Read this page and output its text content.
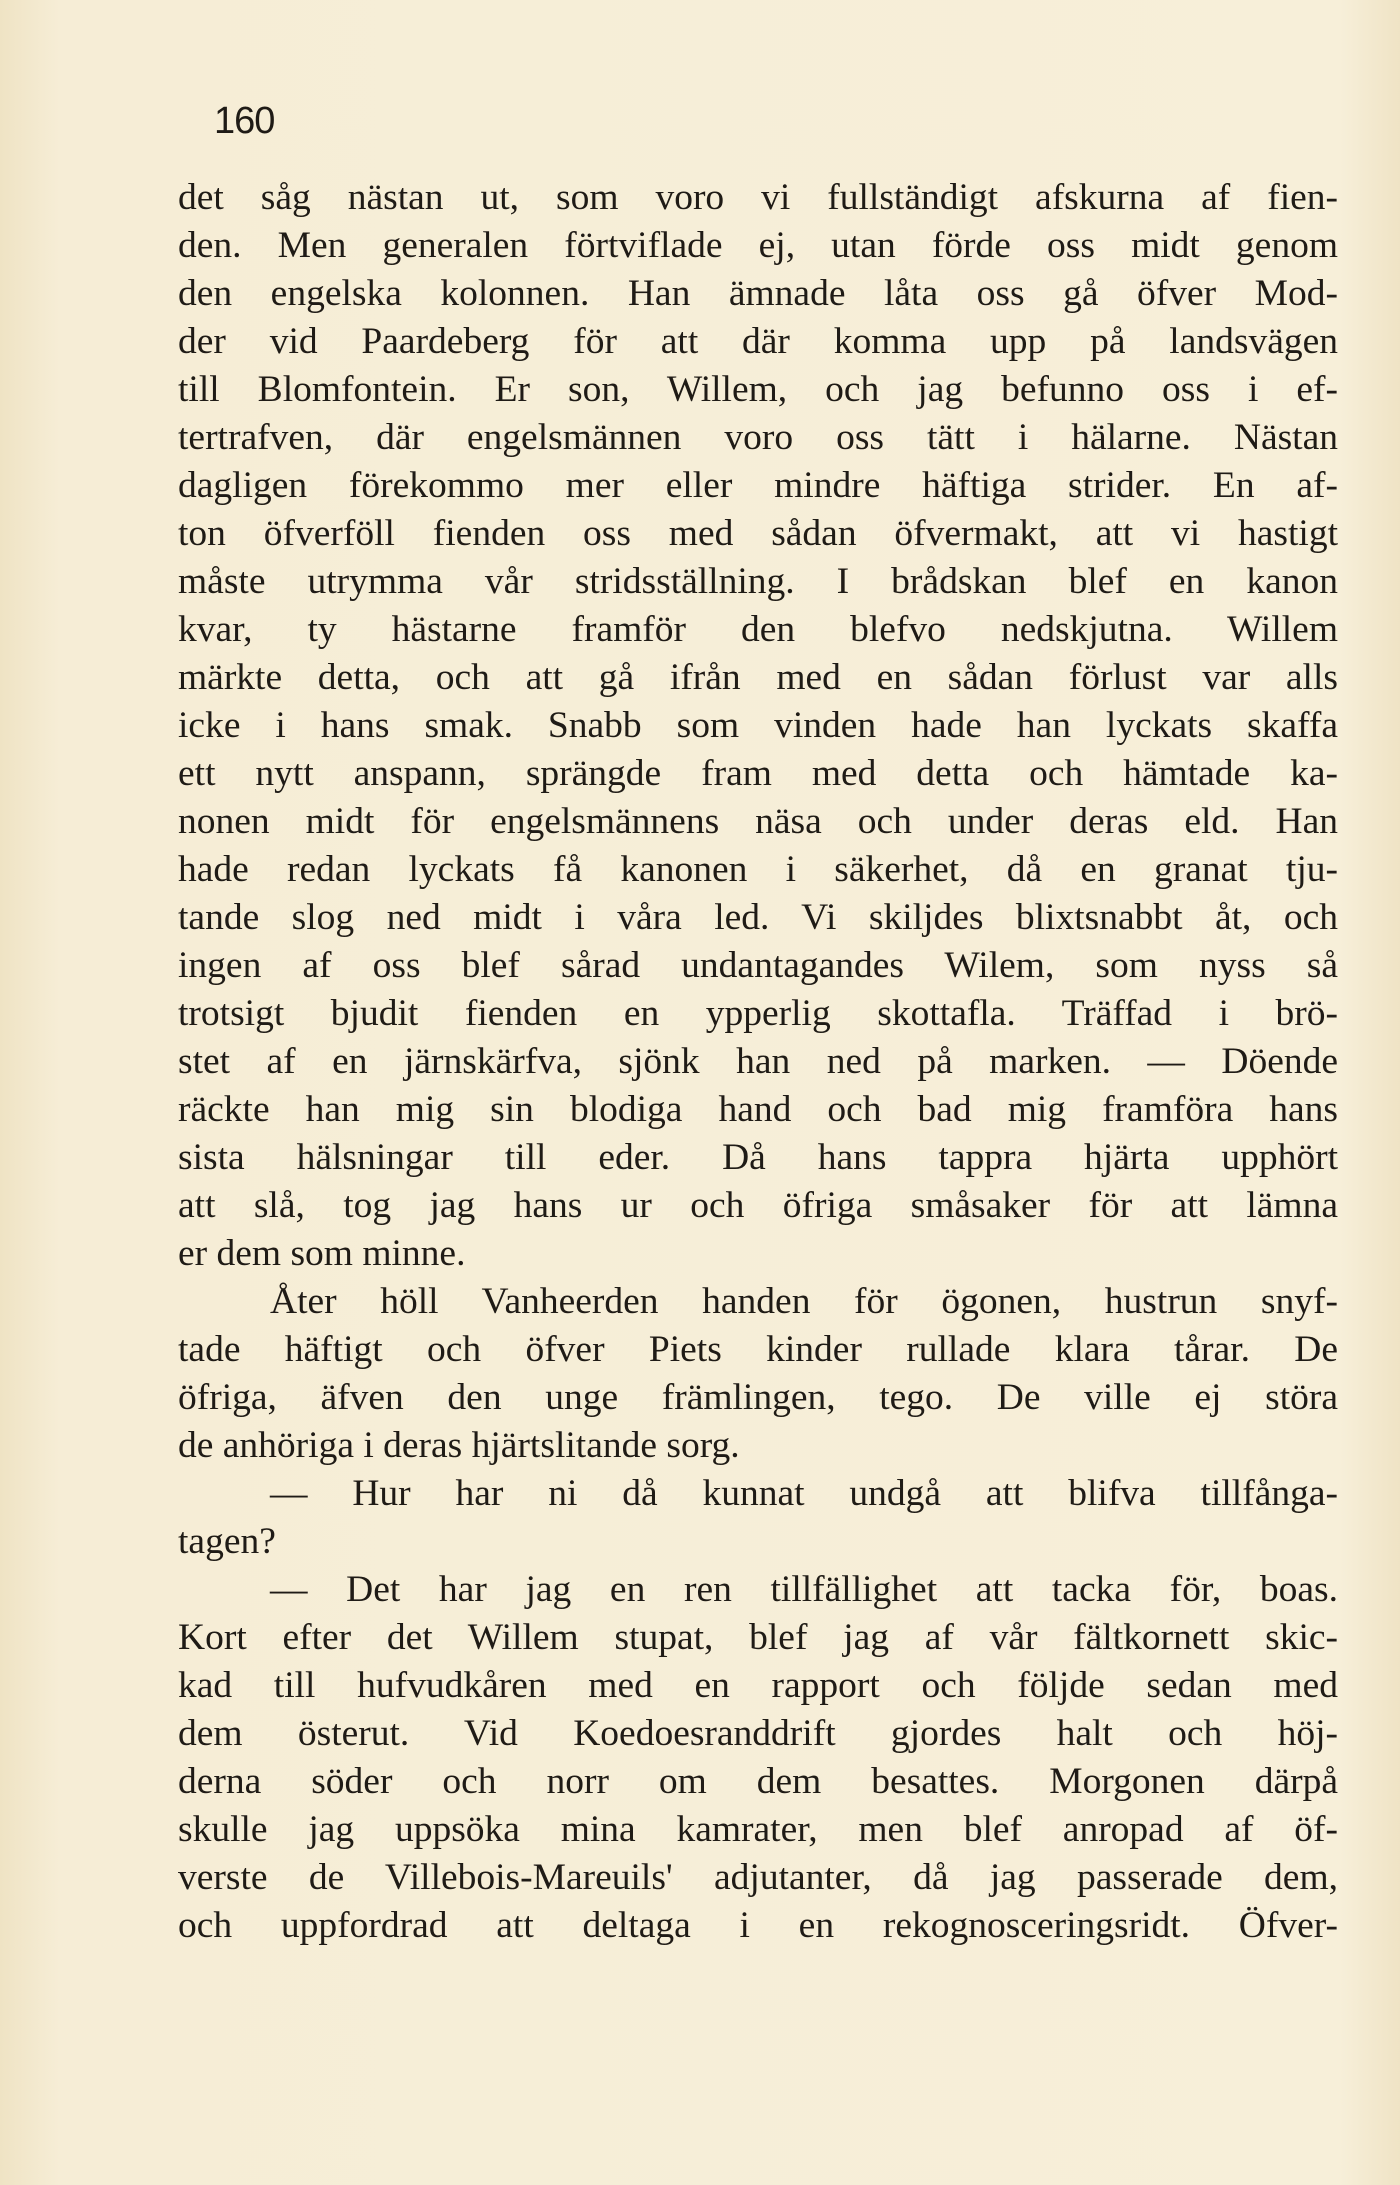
160
det såg nästan ut, som voro vi fullständigt afskurna af fien-
den. Men generalen förtviflade ej, utan förde oss midt genom
den engelska kolonnen. Han ämnade låta oss gå öfver Mod-
der vid Paardeberg för att där komma upp på landsvägen
till Blomfontein. Er son, Willem, och jag befunno oss i ef-
tertrafven, där engelsmännen voro oss tätt i hälarne. Nästan
dagligen förekommo mer eller mindre häftiga strider. En af-
ton öfverföll fienden oss med sådan öfvermakt, att vi hastigt
måste utrymma vår stridsställning. I brådskan blef en kanon
kvar, ty hästarne framför den blefvo nedskjutna. Willem
märkte detta, och att gå ifrån med en sådan förlust var alls
icke i hans smak. Snabb som vinden hade han lyckats skaffa
ett nytt anspann, sprängde fram med detta och hämtade ka-
nonen midt för engelsmännens näsa och under deras eld. Han
hade redan lyckats få kanonen i säkerhet, då en granat tju-
tande slog ned midt i våra led. Vi skiljdes blixtsnabbt åt, och
ingen af oss blef sårad undantagandes Wilem, som nyss så
trotsigt bjudit fienden en ypperlig skottafla. Träffad i brö-
stet af en järnskärfva, sjönk han ned på marken. — Döende
räckte han mig sin blodiga hand och bad mig framföra hans
sista hälsningar till eder. Då hans tappra hjärta upphört
att slå, tog jag hans ur och öfriga småsaker för att lämna
er dem som minne.
Åter höll Vanheerden handen för ögonen, hustrun snyf-
tade häftigt och öfver Piets kinder rullade klara tårar. De
öfriga, äfven den unge främlingen, tego. De ville ej störa
de anhöriga i deras hjärtslitande sorg.
— Hur har ni då kunnat undgå att blifva tillfånga-
tagen?
— Det har jag en ren tillfällighet att tacka för, boas.
Kort efter det Willem stupat, blef jag af vår fältkornett skic-
kad till hufvudkåren med en rapport och följde sedan med
dem österut. Vid Koedoesranddrift gjordes halt och höj-
derna söder och norr om dem besattes. Morgonen därpå
skulle jag uppsöka mina kamrater, men blef anropad af öf-
verste de Villebois-Mareuils' adjutanter, då jag passerade dem,
och uppfordrad att deltaga i en rekognosceringsridt. Öfver-
